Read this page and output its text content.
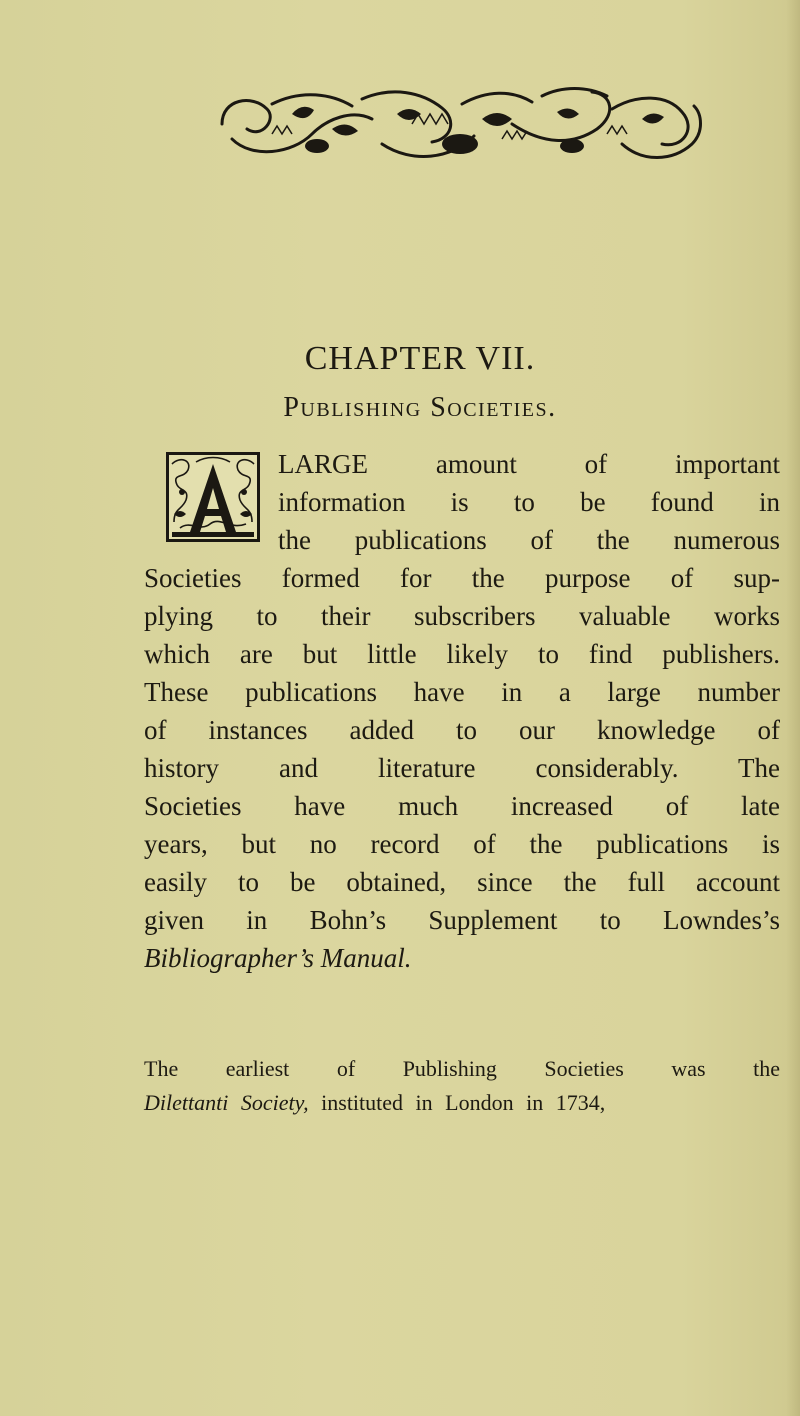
CHAPTER VII.
Publishing Societies.
LARGE amount of important
information is to be found in
the publications of the numerous
Societies formed for the purpose of sup-
plying to their subscribers valuable works
which are but little likely to find publishers.
These publications have in a large number
of instances added to our knowledge of
history and literature considerably. The
Societies have much increased of late
years, but no record of the publications is
easily to be obtained, since the full account
given in Bohn’s Supplement to Lowndes’s
Bibliographer’s Manual.
The earliest of Publishing Societies was the
Dilettanti Society, instituted in London in 1734,
